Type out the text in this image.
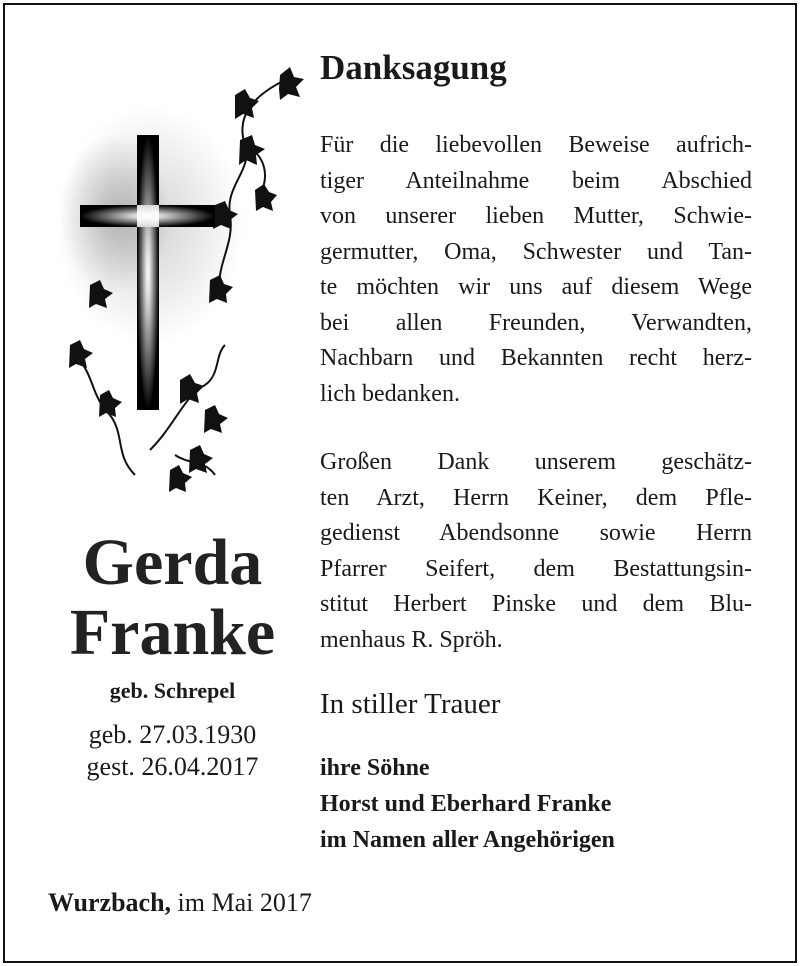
Gerda
Franke
geb. Schrepel
geb. 27.03.1930
gest. 26.04.2017
Danksagung
Für die liebevollen Beweise aufrich-
tiger Anteilnahme beim Abschied
von unserer lieben Mutter, Schwie-
germutter, Oma, Schwester und Tan-
te möchten wir uns auf diesem Wege
bei allen Freunden, Verwandten,
Nachbarn und Bekannten recht herz-
lich bedanken.
Großen Dank unserem geschätz-
ten Arzt, Herrn Keiner, dem Pfle-
gedienst Abendsonne sowie Herrn
Pfarrer Seifert, dem Bestattungsin-
stitut Herbert Pinske und dem Blu-
menhaus R. Spröh.
In stiller Trauer
ihre Söhne
Horst und Eberhard Franke
im Namen aller Angehörigen
Wurzbach, im Mai 2017
